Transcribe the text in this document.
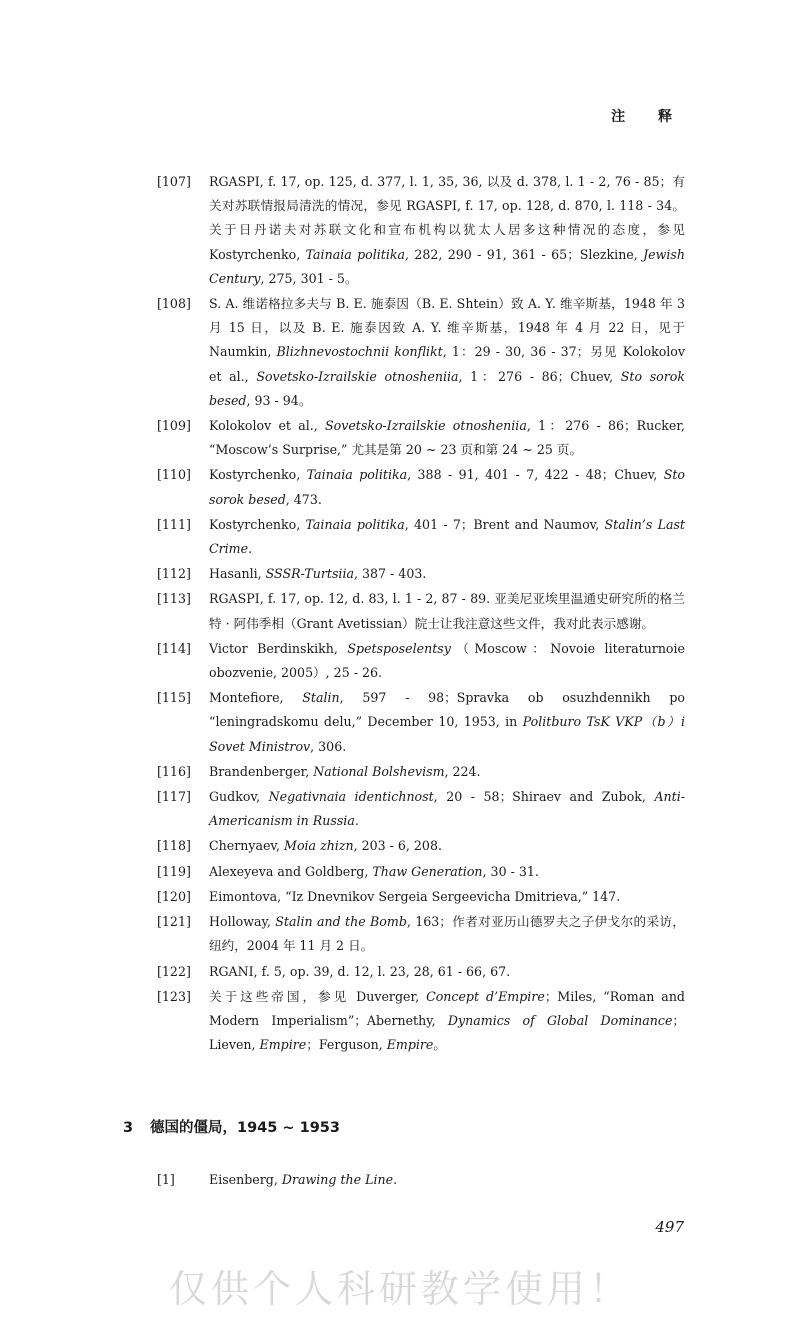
注 释
[107]	RGASPI, f. 17, op. 125, d. 377, l. 1, 35, 36, 以及 d. 378, l. 1 - 2, 76 - 85；有关对苏联情报局清洗的情况，参见 RGASPI, f. 17, op. 128, d. 870, l. 118 - 34。关于日丹诺夫对苏联文化和宣布机构以犹太人居多这种情况的态度，参见 Kostyrchenko, Tainaia politika, 282, 290 - 91, 361 - 65；Slezkine, Jewish Century, 275, 301 - 5。
[108]	S. A. 维诺格拉多夫与 B. E. 施泰因（B. E. Shtein）致 A. Y. 维辛斯基，1948 年 3 月 15 日，以及 B. E. 施泰因致 A. Y. 维辛斯基，1948 年 4 月 22 日，见于 Naumkin, Blizhnevostochnii konflikt, 1：29 - 30, 36 - 37；另见 Kolokolov et al., Sovetsko-Izrailskie otnosheniia, 1：276 - 86；Chuev, Sto sorok besed, 93 - 94。
[109]	Kolokolov et al., Sovetsko-Izrailskie otnosheniia, 1：276 - 86；Rucker, “Moscow’s Surprise,” 尤其是第 20 ~ 23 页和第 24 ~ 25 页。
[110]	Kostyrchenko, Tainaia politika, 388 - 91, 401 - 7, 422 - 48；Chuev, Sto sorok besed, 473.
[111]	Kostyrchenko, Tainaia politika, 401 - 7；Brent and Naumov, Stalin’s Last Crime.
[112]	Hasanli, SSSR-Turtsiia, 387 - 403.
[113]	RGASPI, f. 17, op. 12, d. 83, l. 1 - 2, 87 - 89. 亚美尼亚埃里温通史研究所的格兰特 · 阿伟季相（Grant Avetissian）院士让我注意这些文件，我对此表示感谢。
[114]	Victor Berdinskikh, Spetsposelentsy（Moscow：Novoie literaturnoie obozvenie, 2005）, 25 - 26.
[115]	Montefiore, Stalin, 597 - 98；Spravka ob osuzhdennikh po “leningradskomu delu,” December 10, 1953, in Politburo TsK VKP（b）i Sovet Ministrov, 306.
[116]	Brandenberger, National Bolshevism, 224.
[117]	Gudkov, Negativnaia identichnost, 20 - 58；Shiraev and Zubok, Anti-Americanism in Russia.
[118]	Chernyaev, Moia zhizn, 203 - 6, 208.
[119]	Alexeyeva and Goldberg, Thaw Generation, 30 - 31.
[120]	Eimontova, “Iz Dnevnikov Sergeia Sergeevicha Dmitrieva,” 147.
[121]	Holloway, Stalin and the Bomb, 163；作者对亚历山德罗夫之子伊戈尔的采访，纽约，2004 年 11 月 2 日。
[122]	RGANI, f. 5, op. 39, d. 12, l. 23, 28, 61 - 66, 67.
[123]	关于这些帝国，参见 Duverger, Concept d’Empire；Miles, “Roman and Modern Imperialism”；Abernethy, Dynamics of Global Dominance；Lieven, Empire；Ferguson, Empire。
3 德国的僵局，1945 ~ 1953
[1]	Eisenberg, Drawing the Line.
497
仅供个人科研教学使用！
